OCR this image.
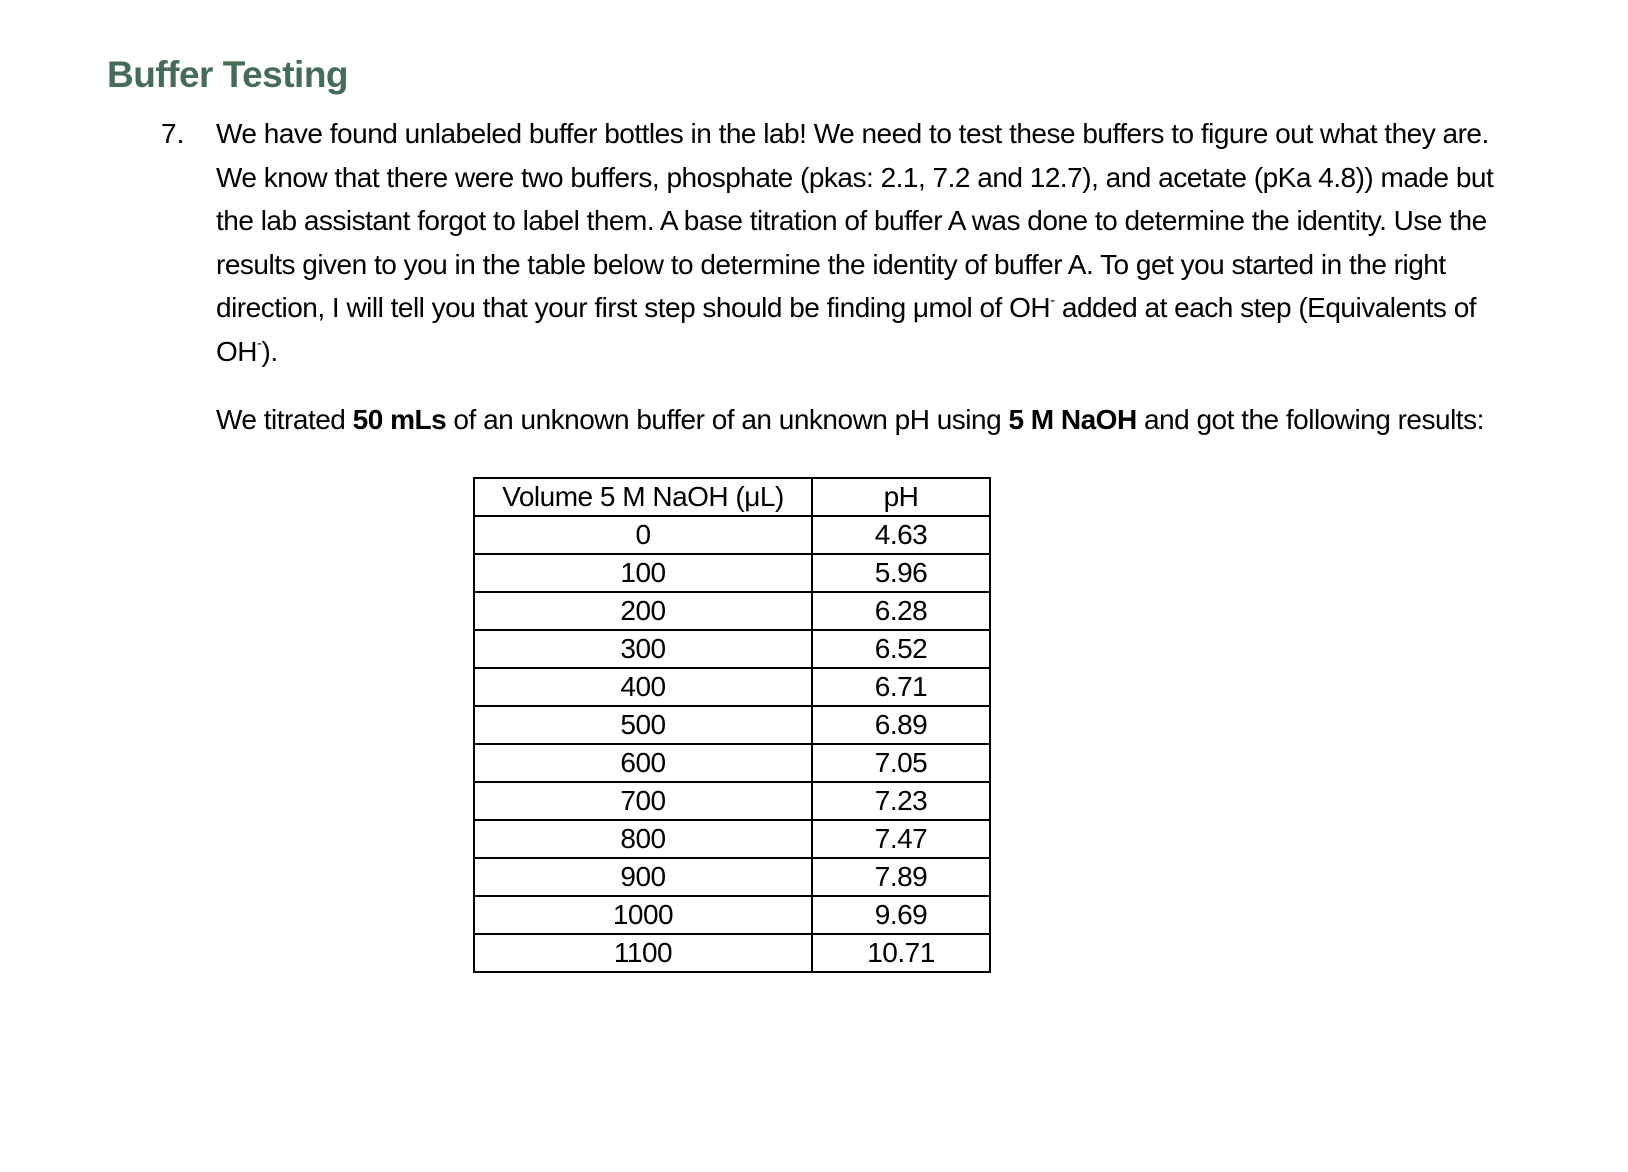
Buffer Testing
7. We have found unlabeled buffer bottles in the lab! We need to test these buffers to figure out what they are.
We know that there were two buffers, phosphate (pkas: 2.1, 7.2 and 12.7), and acetate (pKa 4.8)) made but
the lab assistant forgot to label them. A base titration of buffer A was done to determine the identity. Use the
results given to you in the table below to determine the identity of buffer A. To get you started in the right
direction, I will tell you that your first step should be finding μmol of OH- added at each step (Equivalents of
OH-).
We titrated 50 mLs of an unknown buffer of an unknown pH using 5 M NaOH and got the following results:
Volume 5 M NaOH (μL)	pH
0	4.63
100	5.96
200	6.28
300	6.52
400	6.71
500	6.89
600	7.05
700	7.23
800	7.47
900	7.89
1000	9.69
1100	10.71
